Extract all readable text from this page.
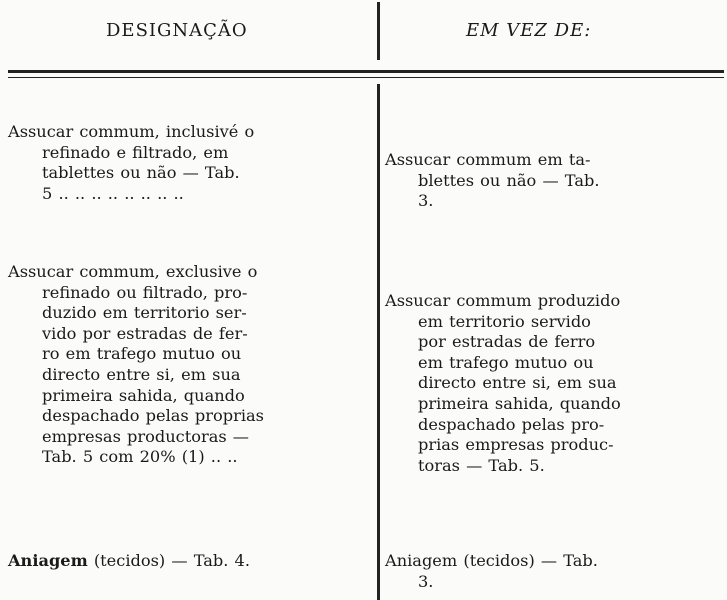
DESIGNAÇÃO	EM VEZ DE:
Assucar commum, inclusivé o
refinado e filtrado, em
tablettes ou não — Tab.
5 .. .. .. .. .. .. .. ..
Assucar commum em ta-
blettes ou não — Tab.
3.
Assucar commum, exclusive o
refinado ou filtrado, pro-
duzido em territorio ser-
vido por estradas de fer-
ro em trafego mutuo ou
directo entre si, em sua
primeira sahida, quando
despachado pelas proprias
empresas productoras —
Tab. 5 com 20% (1) .. ..
Assucar commum produzido
em territorio servido
por estradas de ferro
em trafego mutuo ou
directo entre si, em sua
primeira sahida, quando
despachado pelas pro-
prias empresas produc-
toras — Tab. 5.
Aniagem (tecidos) — Tab. 4.	Aniagem (tecidos) — Tab.
3.
